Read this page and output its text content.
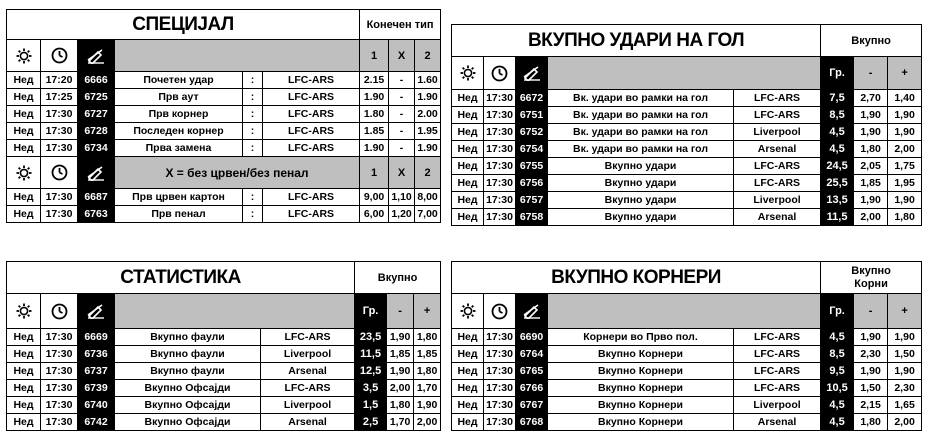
СПЕЦИЈАЛ						Конечен тип		

		1	X	2
Нед	17:20	6666	Почетен удар	:	LFC-ARS	2.15	-	1.60
Нед	17:25	6725	Прв аут	:	LFC-ARS	1.90	-	1.90
Нед	17:30	6727	Прв корнер	:	LFC-ARS	1.80	-	2.00
Нед	17:30	6728	Последен корнер	:	LFC-ARS	1.85	-	1.95
Нед	17:30	6734	Прва замена	:	LFC-ARS	1.90	-	1.90

	X = без црвен/без пенал			1	X	2
Нед	17:30	6687	Прв црвен картон	:	LFC-ARS	9,00	1,10	8,00
Нед	17:30	6763	Прв пенал	:	LFC-ARS	6,00	1,20	7,00
ВКУПНО УДАРИ НА ГОЛ					Вкупно		

		Гр.	-	+
Нед	17:30	6672	Вк. удари во рамки на гол	LFC-ARS	7,5	2,70	1,40
Нед	17:30	6751	Вк. удари во рамки на гол	LFC-ARS	8,5	1,90	1,90
Нед	17:30	6752	Вк. удари во рамки на гол	Liverpool	4,5	1,90	1,90
Нед	17:30	6754	Вк. удари во рамки на гол	Arsenal	4,5	1,80	2,00
Нед	17:30	6755	Вкупно удари	LFC-ARS	24,5	2,05	1,75
Нед	17:30	6756	Вкупно удари	LFC-ARS	25,5	1,85	1,95
Нед	17:30	6757	Вкупно удари	Liverpool	13,5	1,90	1,90
Нед	17:30	6758	Вкупно удари	Arsenal	11,5	2,00	1,80
СТАТИСТИКА					Вкупно		

		Гр.	-	+
Нед	17:30	6669	Вкупно фаули	LFC-ARS	23,5	1,90	1,80
Нед	17:30	6736	Вкупно фаули	Liverpool	11,5	1,85	1,85
Нед	17:30	6737	Вкупно фаули	Arsenal	12,5	1,90	1,80
Нед	17:30	6739	Вкупно Офсајди	LFC-ARS	3,5	2,00	1,70
Нед	17:30	6740	Вкупно Офсајди	Liverpool	1,5	1,80	1,90
Нед	17:30	6742	Вкупно Офсајди	Arsenal	2,5	1,70	2,00
ВКУПНО КОРНЕРИ					Вкупно
Корни		

		Гр.	-	+
Нед	17:30	6690	Корнери во Прво пол.	LFC-ARS	4,5	1,90	1,90
Нед	17:30	6764	Вкупно Корнери	LFC-ARS	8,5	2,30	1,50
Нед	17:30	6765	Вкупно Корнери	LFC-ARS	9,5	1,90	1,90
Нед	17:30	6766	Вкупно Корнери	LFC-ARS	10,5	1,50	2,30
Нед	17:30	6767	Вкупно Корнери	Liverpool	4,5	2,15	1,65
Нед	17:30	6768	Вкупно Корнери	Arsenal	4,5	1,80	2,00
